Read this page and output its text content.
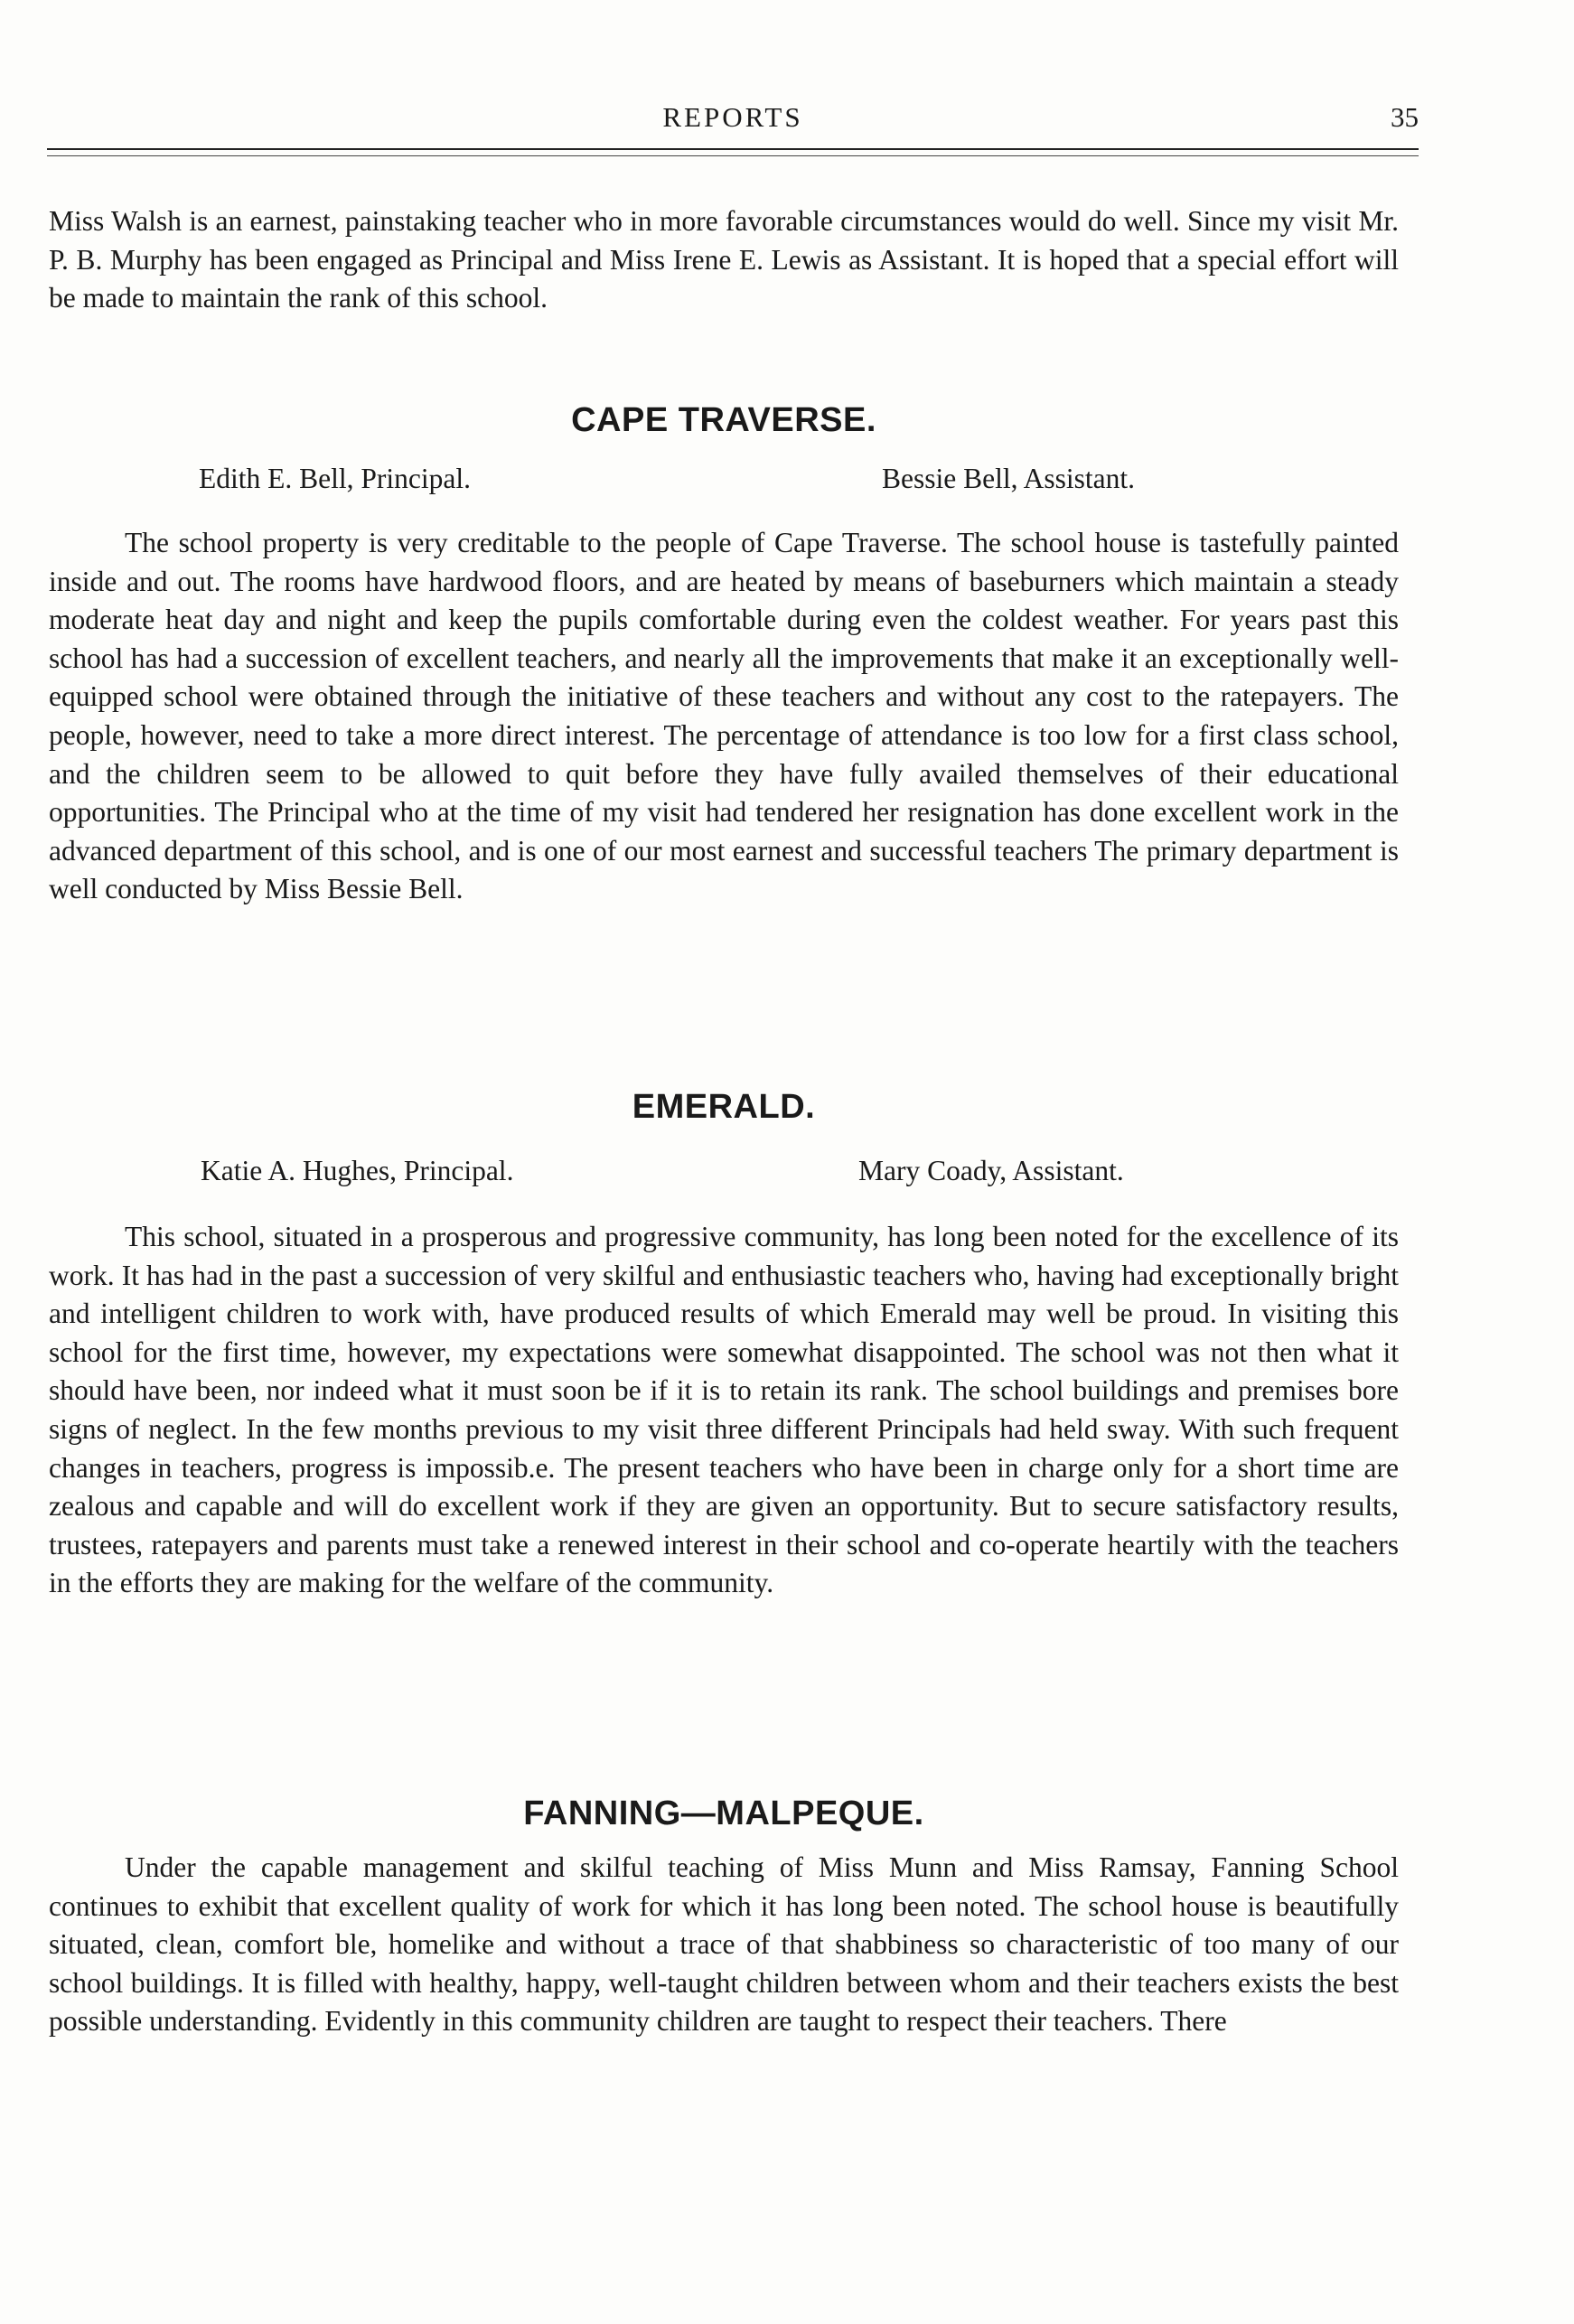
REPORTS	35

Miss Walsh is an earnest, painstaking teacher who in more favorable circumstances would do well. Since my visit Mr. P. B. Murphy has been engaged as Principal and Miss Irene E. Lewis as Assistant. It is hoped that a special effort will be made to maintain the rank of this school.

CAPE TRAVERSE.
Edith E. Bell, Principal.	Bessie Bell, Assistant.

The school property is very creditable to the people of Cape Traverse. The school house is tastefully painted inside and out. The rooms have hardwood floors, and are heated by means of baseburners which maintain a steady moderate heat day and night and keep the pupils comfortable during even the coldest weather. For years past this school has had a succession of excellent teachers, and nearly all the improvements that make it an exceptionally well-equipped school were obtained through the initiative of these teachers and without any cost to the ratepayers. The people, however, need to take a more direct interest. The percentage of attendance is too low for a first class school, and the children seem to be allowed to quit before they have fully availed themselves of their educational opportunities. The Principal who at the time of my visit had tendered her resignation has done excellent work in the advanced department of this school, and is one of our most earnest and successful teachers The primary department is well conducted by Miss Bessie Bell.

EMERALD.
Katie A. Hughes, Principal.	Mary Coady, Assistant.

This school, situated in a prosperous and progressive community, has long been noted for the excellence of its work. It has had in the past a succession of very skilful and enthusiastic teachers who, having had exceptionally bright and intelligent children to work with, have produced results of which Emerald may well be proud. In visiting this school for the first time, however, my expectations were somewhat disappointed. The school was not then what it should have been, nor indeed what it must soon be if it is to retain its rank. The school buildings and premises bore signs of neglect. In the few months previous to my visit three different Principals had held sway. With such frequent changes in teachers, progress is impossib.e. The present teachers who have been in charge only for a short time are zealous and capable and will do excellent work if they are given an opportunity. But to secure satisfactory results, trustees, ratepayers and parents must take a renewed interest in their school and co-operate heartily with the teachers in the efforts they are making for the welfare of the community.

FANNING—MALPEQUE.

Under the capable management and skilful teaching of Miss Munn and Miss Ramsay, Fanning School continues to exhibit that excellent quality of work for which it has long been noted. The school house is beautifully situated, clean, comfort ble, homelike and without a trace of that shabbiness so characteristic of too many of our school buildings. It is filled with healthy, happy, well-taught children between whom and their teachers exists the best possible understanding. Evidently in this community children are taught to respect their teachers. There
